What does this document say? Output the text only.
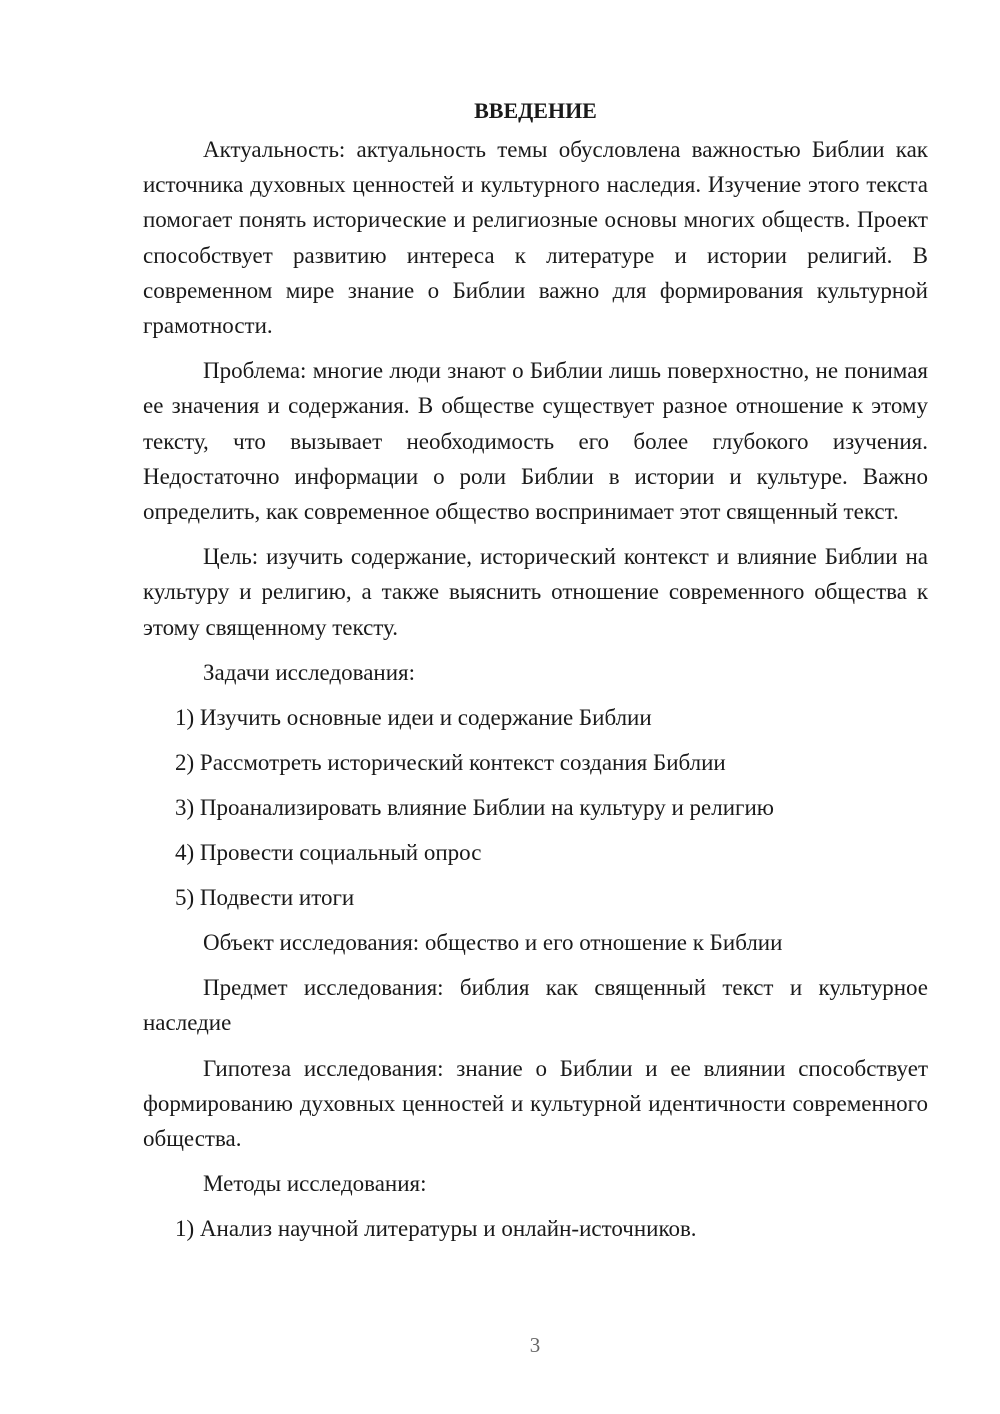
ВВЕДЕНИЕ

Актуальность: актуальность темы обусловлена важностью Библии как источника духовных ценностей и культурного наследия. Изучение этого текста помогает понять исторические и религиозные основы многих обществ. Проект способствует развитию интереса к литературе и истории религий. В современном мире знание о Библии важно для формирования культурной грамотности.

Проблема: многие люди знают о Библии лишь поверхностно, не понимая ее значения и содержания. В обществе существует разное отношение к этому тексту, что вызывает необходимость его более глубокого изучения. Недостаточно информации о роли Библии в истории и культуре. Важно определить, как современное общество воспринимает этот священный текст.

Цель: изучить содержание, исторический контекст и влияние Библии на культуру и религию, а также выяснить отношение современного общества к этому священному тексту.

Задачи исследования:

1) Изучить основные идеи и содержание Библии
2) Рассмотреть исторический контекст создания Библии
3) Проанализировать влияние Библии на культуру и религию
4) Провести социальный опрос
5) Подвести итоги

Объект исследования: общество и его отношение к Библии

Предмет исследования: библия как священный текст и культурное наследие

Гипотеза исследования: знание о Библии и ее влиянии способствует формированию духовных ценностей и культурной идентичности современного общества.

Методы исследования:

1) Анализ научной литературы и онлайн-источников.
3
